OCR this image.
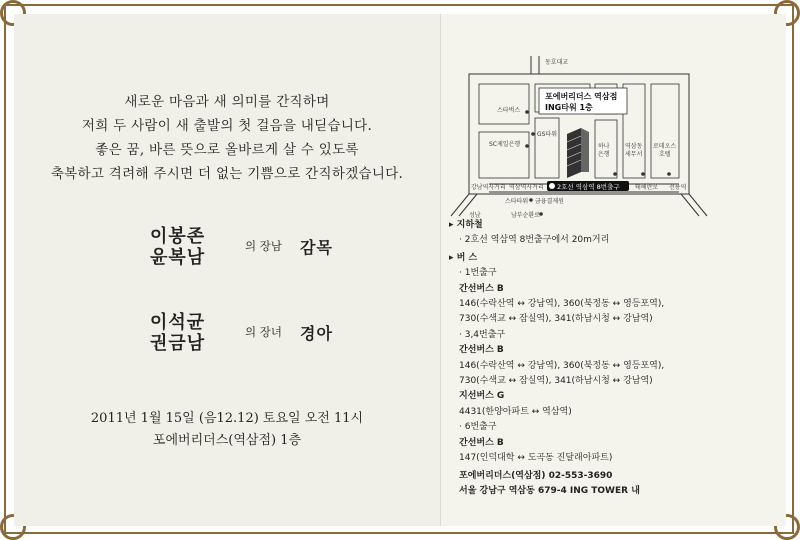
새로운 마음과 새 의미를 간직하며
저희 두 사람이 새 출발의 첫 걸음을 내딛습니다.
좋은 꿈, 바른 뜻으로 올바르게 살 수 있도록
축복하고 격려해 주시면 더 없는 기쁨으로 간직하겠습니다.
이봉존
윤복남
의 장남 감목
이석균
권금남
의 장녀 경아
2011년 1월 15일 (음12.12) 토요일 오전 11시
포에버리더스(역삼점) 1층
포에버리더스 역삼점
ING타워 1층
2호선 역삼역 8번출구
동호대교
스타벅스
SC제일은행
GS타워
하나
은행
역삼동
세무서
로데오스
호텔
강남역사거리 역삼역사거리	테헤란로 선릉역
스타타워 금융결제원
성남	남부순환로
▸ 지하철
· 2호선 역삼역 8번출구에서 20m거리
▸ 버 스
· 1번출구
간선버스 B
146(수락산역 ↔ 강남역), 360(북정동 ↔ 영등포역),
730(수색교 ↔ 잠실역), 341(하남시청 ↔ 강남역)
· 3,4번출구
간선버스 B
146(수락산역 ↔ 강남역), 360(북정동 ↔ 영등포역),
730(수색교 ↔ 잠실역), 341(하남시청 ↔ 강남역)
지선버스 G
4431(한양아파트 ↔ 역삼역)
· 6번출구
간선버스 B
147(인덕대학 ↔ 도곡동 진달래아파트)
포에버리더스(역삼점) 02-553-3690
서울 강남구 역삼동 679-4 ING TOWER 내
